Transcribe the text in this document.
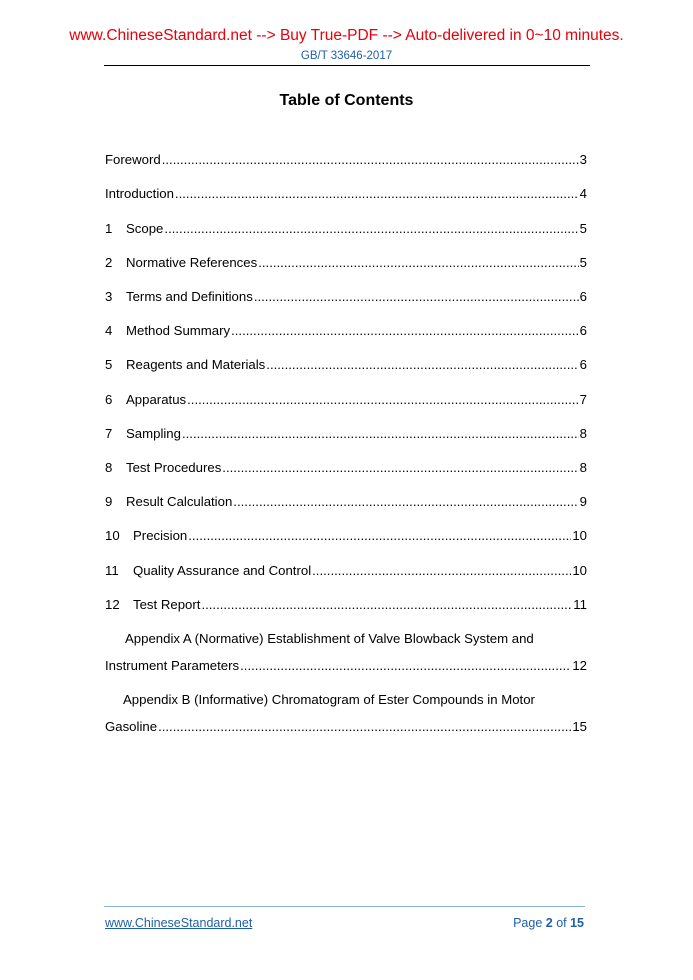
www.ChineseStandard.net --> Buy True-PDF --> Auto-delivered in 0~10 minutes.
GB/T 33646-2017
Table of Contents
Foreword .....	3
Introduction .....	4
1	Scope .....	5
2	Normative References .....	5
3	Terms and Definitions .....	6
4	Method Summary .....	6
5	Reagents and Materials .....	6
6	Apparatus .....	7
7	Sampling .....	8
8	Test Procedures .....	8
9	Result Calculation .....	9
10	Precision .....	10
11	Quality Assurance and Control .....	10
12	Test Report .....	11
Appendix A (Normative) Establishment of Valve Blowback System and
Instrument Parameters .....	12
Appendix B (Informative) Chromatogram of Ester Compounds in Motor
Gasoline .....	15
www.ChineseStandard.net	Page 2 of 15
